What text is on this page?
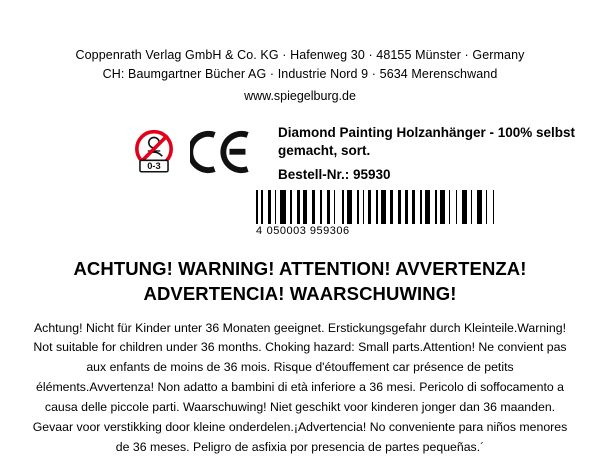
Coppenrath Verlag GmbH & Co. KG · Hafenweg 30 · 48155 Münster · Germany
CH: Baumgartner Bücher AG · Industrie Nord 9 · 5634 Merenschwand
www.spiegelburg.de
0-3
Diamond Painting Holzanhänger - 100% selbst gemacht, sort.
Bestell-Nr.: 95930
4 050003 959306
ACHTUNG! WARNING! ATTENTION! AVVERTENZA!
ADVERTENCIA! WAARSCHUWING!
Achtung! Nicht für Kinder unter 36 Monaten geeignet. Erstickungsgefahr durch Kleinteile.Warning! Not suitable for children under 36 months. Choking hazard: Small parts.Attention! Ne convient pas aux enfants de moins de 36 mois. Risque d'étouffement car présence de petits éléments.Avvertenza! Non adatto a bambini di età inferiore a 36 mesi. Pericolo di soffocamento a causa delle piccole parti. Waarschuwing! Niet geschikt voor kinderen jonger dan 36 maanden. Gevaar voor verstikking door kleine onderdelen.¡Advertencia! No conveniente para niños menores de 36 meses. Peligro de asfixia por presencia de partes pequeñas.´
